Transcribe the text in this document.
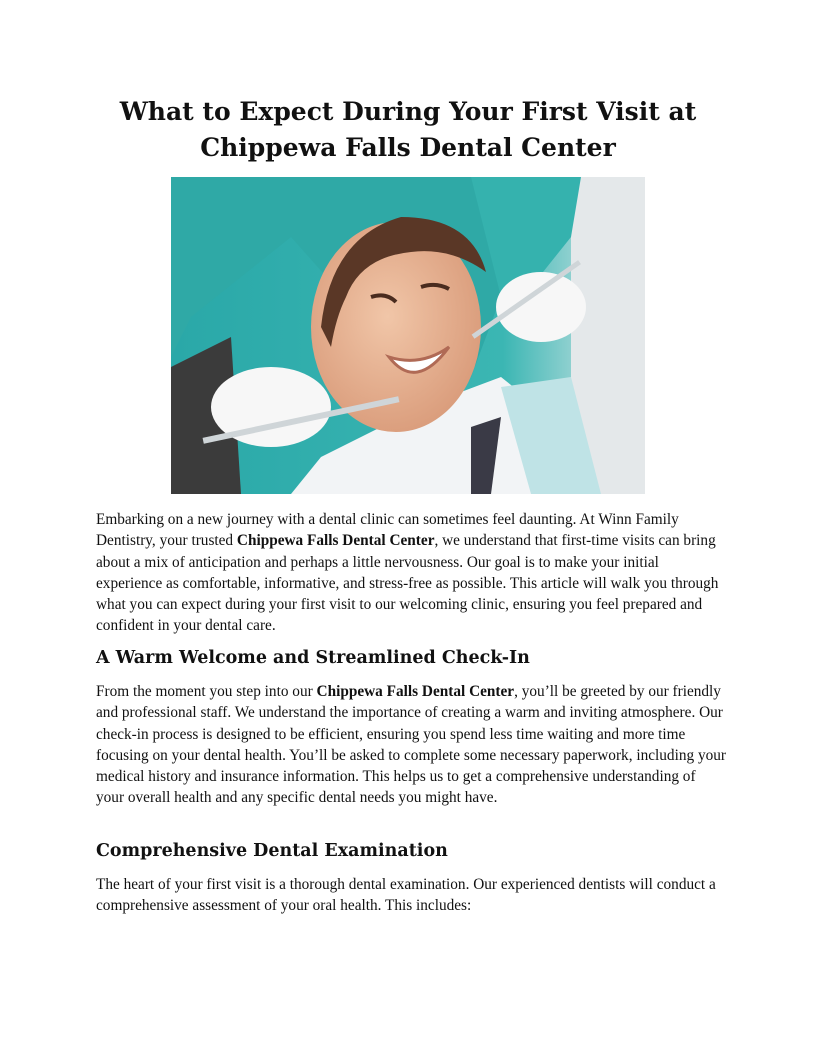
What to Expect During Your First Visit at
Chippewa Falls Dental Center
Embarking on a new journey with a dental clinic can sometimes feel daunting. At Winn Family Dentistry, your trusted Chippewa Falls Dental Center, we understand that first-time visits can bring about a mix of anticipation and perhaps a little nervousness. Our goal is to make your initial experience as comfortable, informative, and stress-free as possible. This article will walk you through what you can expect during your first visit to our welcoming clinic, ensuring you feel prepared and confident in your dental care.
A Warm Welcome and Streamlined Check-In
From the moment you step into our Chippewa Falls Dental Center, you’ll be greeted by our friendly and professional staff. We understand the importance of creating a warm and inviting atmosphere. Our check-in process is designed to be efficient, ensuring you spend less time waiting and more time focusing on your dental health. You’ll be asked to complete some necessary paperwork, including your medical history and insurance information. This helps us to get a comprehensive understanding of your overall health and any specific dental needs you might have.
Comprehensive Dental Examination
The heart of your first visit is a thorough dental examination. Our experienced dentists will conduct a comprehensive assessment of your oral health. This includes:
